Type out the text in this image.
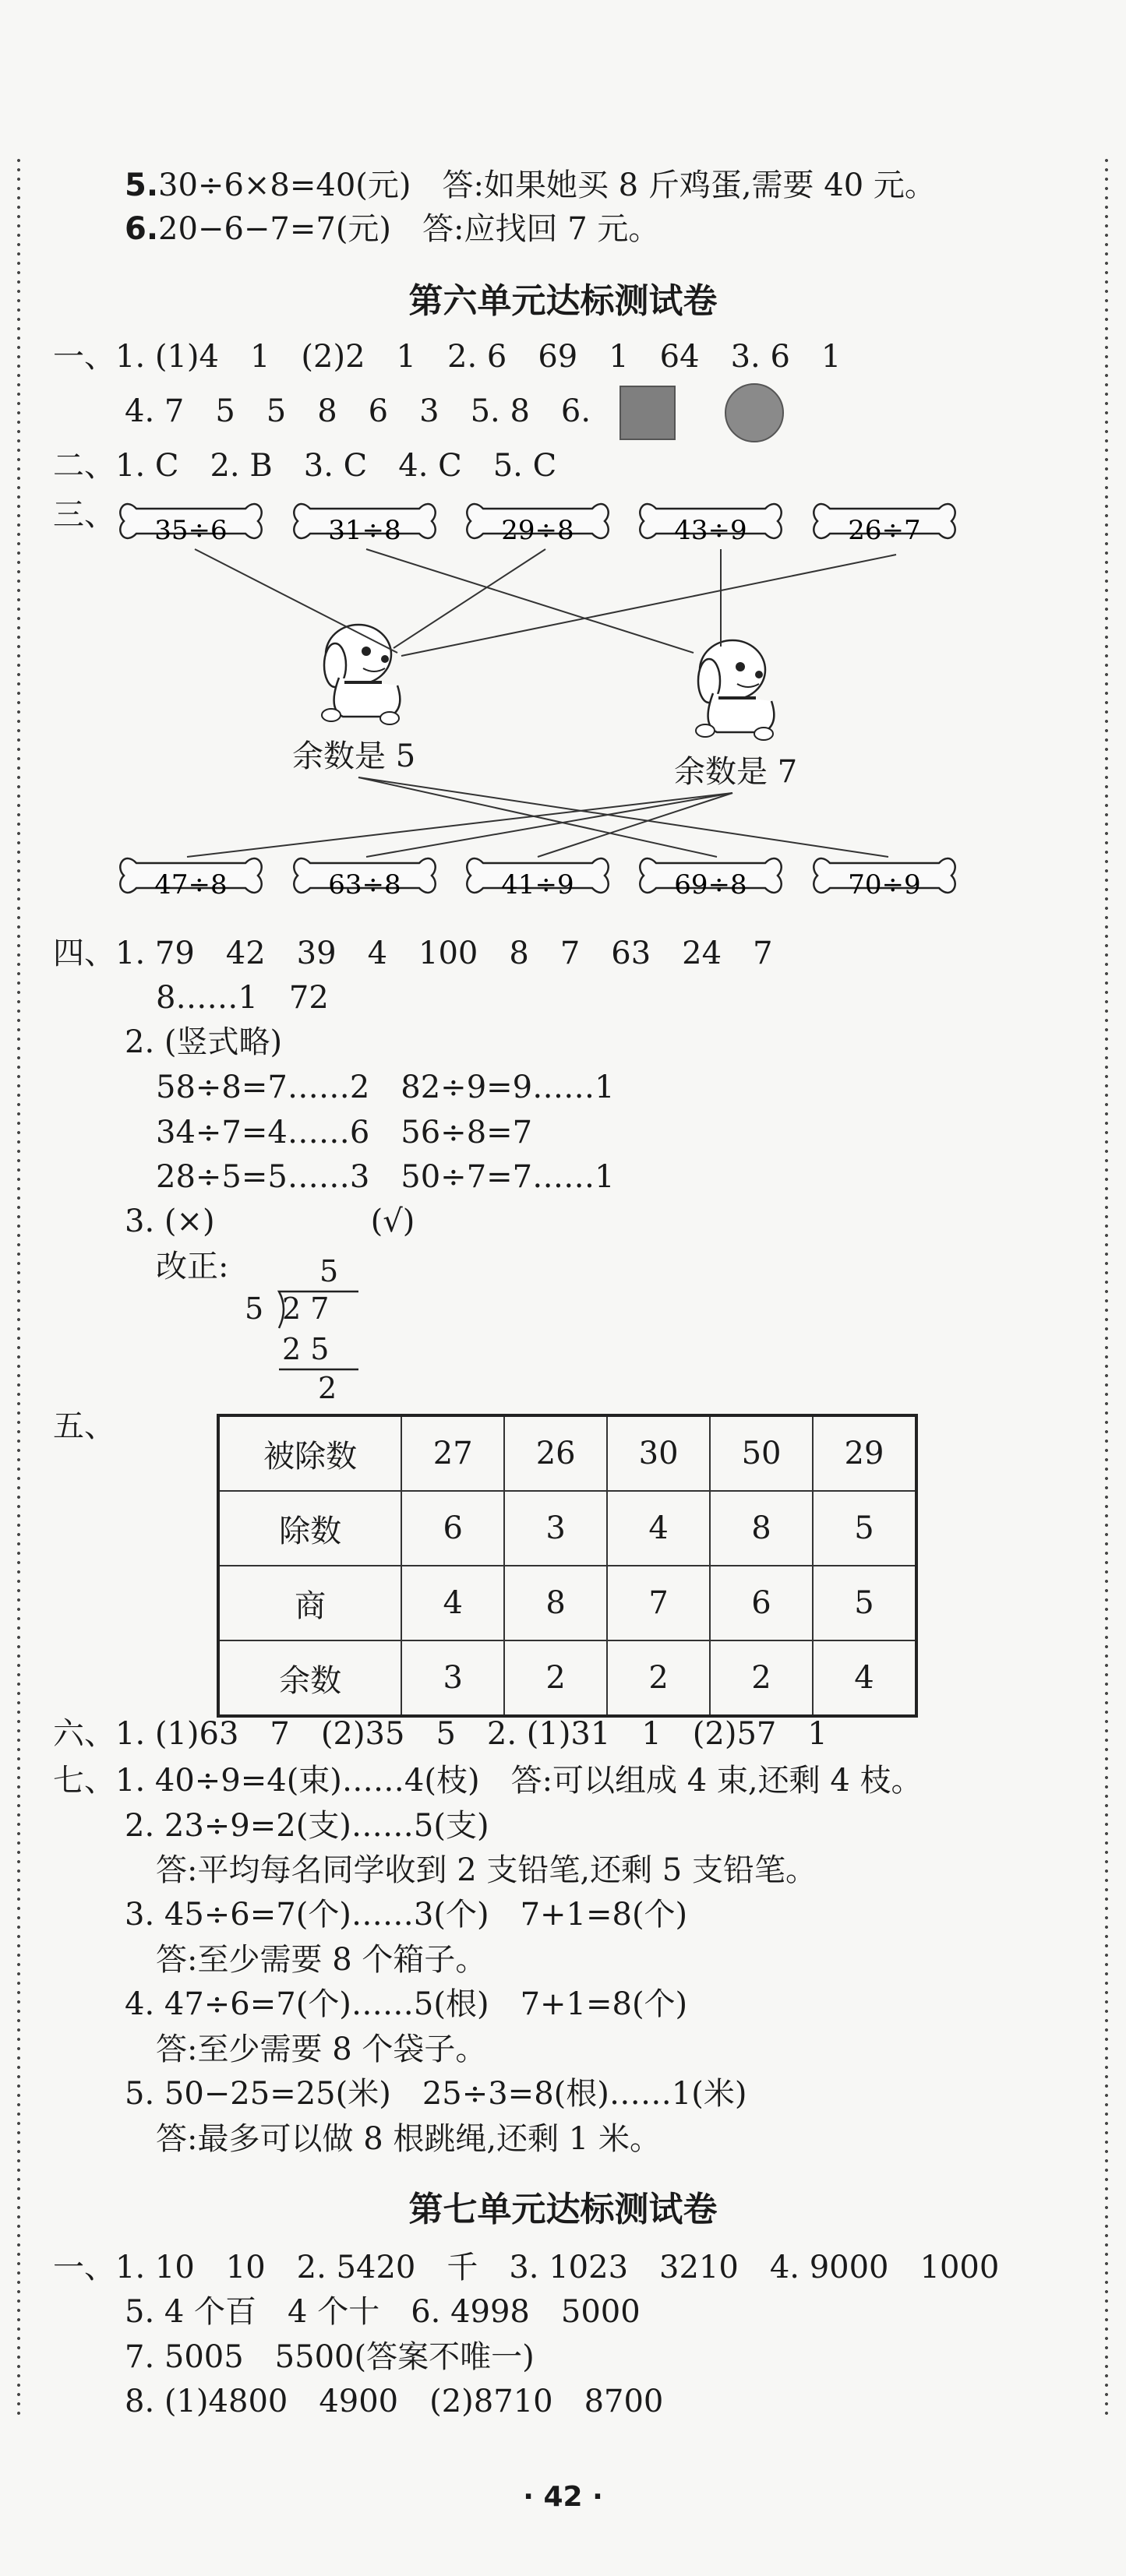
5.30÷6×8=40(元)　答:如果她买 8 斤鸡蛋,需要 40 元。
6.20−6−7=7(元)　答:应找回 7 元。
第六单元达标测试卷
一、1. (1)4　1　(2)2　1　2. 6　69　1　64　3. 6　1
4. 7　5　5　8　6　3　5. 8　6.
二、1. C　2. B　3. C　4. C　5. C
三、 35÷6	31÷8	29÷8	43÷9	26÷7
47÷8	63÷8	41÷9	69÷8	70÷9
余数是 5	余数是 7
四、1. 79　42　39　4　100　8　7　63　24　7
8……1　72
2. (竖式略)
58÷8=7……2　82÷9=9……1
34÷7=4……6　56÷8=7
28÷5=5……3　50÷7=7……1
3. (×)　　　　　(√)
改正:	5
5 2 7
2 5
2
五、
被除数	27	26	30	50	29
除数	6	3	4	8	5
商	4	8	7	6	5
余数	3	2	2	2	4
六、1. (1)63　7　(2)35　5　2. (1)31　1　(2)57　1
七、1. 40÷9=4(束)……4(枝)　答:可以组成 4 束,还剩 4 枝。
2. 23÷9=2(支)……5(支)
答:平均每名同学收到 2 支铅笔,还剩 5 支铅笔。
3. 45÷6=7(个)……3(个)　7+1=8(个)
答:至少需要 8 个箱子。
4. 47÷6=7(个)……5(根)　7+1=8(个)
答:至少需要 8 个袋子。
5. 50−25=25(米)　25÷3=8(根)……1(米)
答:最多可以做 8 根跳绳,还剩 1 米。
第七单元达标测试卷
一、1. 10　10　2. 5420　千　3. 1023　3210　4. 9000　1000
5. 4 个百　4 个十　6. 4998　5000
7. 5005　5500(答案不唯一)
8. (1)4800　4900　(2)8710　8700
· 42 ·
